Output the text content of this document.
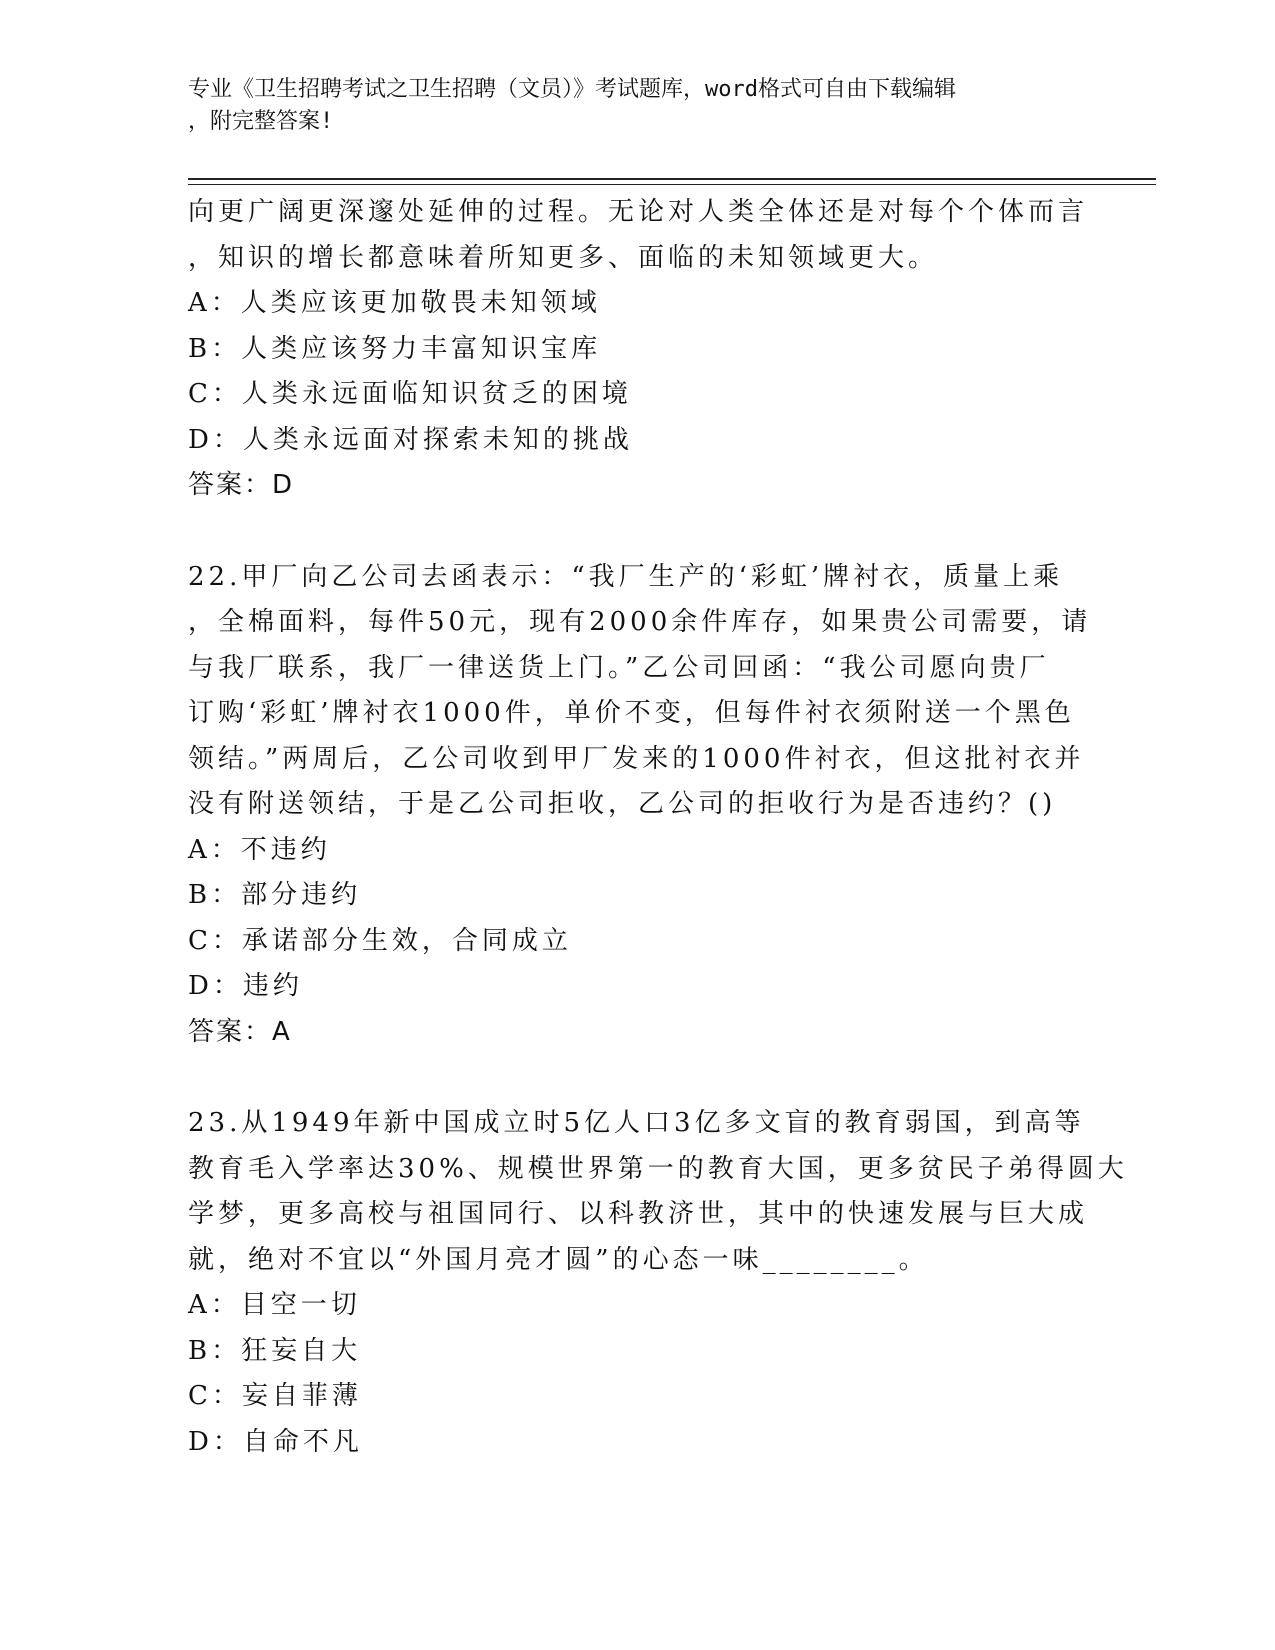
专业《卫生招聘考试之卫生招聘（文员）》考试题库，word格式可自由下载编辑
，附完整答案!
向更广阔更深邃处延伸的过程。无论对人类全体还是对每个个体而言
，知识的增长都意味着所知更多、面临的未知领域更大。
A：人类应该更加敬畏未知领域
B：人类应该努力丰富知识宝库
C：人类永远面临知识贫乏的困境
D：人类永远面对探索未知的挑战
答案：D
22.甲厂向乙公司去函表示：“我厂生产的‘彩虹’牌衬衣，质量上乘
，全棉面料，每件50元，现有2000余件库存，如果贵公司需要，请
与我厂联系，我厂一律送货上门。”乙公司回函：“我公司愿向贵厂
订购‘彩虹’牌衬衣1000件，单价不变，但每件衬衣须附送一个黑色
领结。”两周后，乙公司收到甲厂发来的1000件衬衣，但这批衬衣并
没有附送领结，于是乙公司拒收，乙公司的拒收行为是否违约？()
A：不违约
B：部分违约
C：承诺部分生效，合同成立
D：违约
答案：A
23.从1949年新中国成立时5亿人口3亿多文盲的教育弱国，到高等
教育毛入学率达30%、规模世界第一的教育大国，更多贫民子弟得圆大
学梦，更多高校与祖国同行、以科教济世，其中的快速发展与巨大成
就，绝对不宜以“外国月亮才圆”的心态一味________。
A：目空一切
B：狂妄自大
C：妄自菲薄
D：自命不凡
